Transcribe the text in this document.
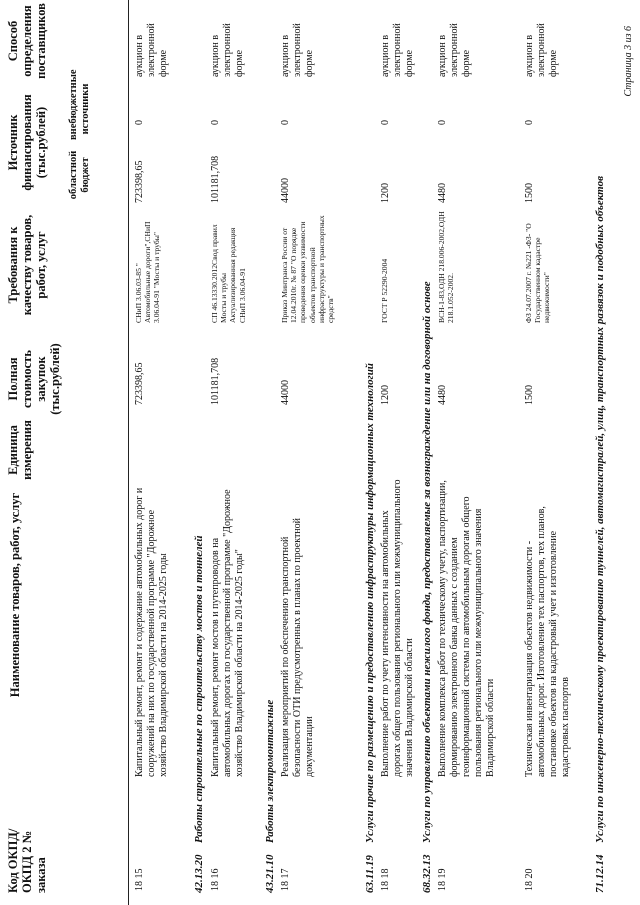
Код ОКПД/ ОКПД 2 № заказа
Наименование товаров, работ, услуг
Единица измерения
Полная стоимость закупок (тыс.рублей)
Требования к качеству товаров, работ, услуг
Источник финансирования (тыс.рублей) областной бюджет
внебюджетные источники
Способ определения поставщиков
18 15
Капитальный ремонт, ремонт и содержание автомобильных дорог и сооружений на них по государственной программе "Дорожное хозяйство Владимирской области на 2014-2025 годы
723398,65
СНиП 3.06.03-85 " Автомобильные дороги",СНиП 3.06.04-91 "Мосты и трубы"
723398,65
0
аукцион в электронной форме
42.13.20Работы строительные по строительству мостов и тоннелей
18 16
Капитальный ремонт, ремонт мостов и путепроводов на автомобильных дорогах по государственной программе "Дорожное хозяйство Владимирской области на 2014-2025 годы"
101181,708
СП 46.13330.2012Свод правил Мосты и трубы Актуализированная редакция СНиП 3.06.04-91
101181,708
0
аукцион в электронной форме
43.21.10Работы электромонтажные
18 17
Реализация мероприятий по обеспечению транспортной безопасности ОТИ предусмотренных в планах по проектной документации
44000
Приказ Минтранса России от 12.04.2010г. № 87 "О порядке проведения оценки уязвимости объектов транспортной инфраструктуры и транспортных средств"
44000
0
аукцион в электронной форме
63.11.19Услуги прочие по размещению и предоставлению инфраструктуры информационных технологий
18 18
Выполнение работ по учету интенсивности на автомобильных дорогах общего пользования регионального или межмуниципального значения Владимирской области
1200
ГОСТ Р 52290-2004
1200
0
аукцион в электронной форме
68.32.13Услуги по управлению объектами нежилого фонда, предоставляемые за вознаграждение или на договорной основе
18 19
Выполнение комплекса работ по техническому учету, паспортизации, формированию электронного банка данных с созданием геоинформационной системы по автомобильным дорогам общего пользования регионального или межмуниципального значения Владимирской области
4480
ВСН-1-83,ОДН 218.006-2002,ОДН 218.1.052-2002.
4480
0
аукцион в электронной форме
18 20
Техническая инвентаризация объектов недвижимости - автомобильных дорог. Изготовление тех паспортов, тех планов, постановке объектов на кадастровый учет и изготовление кадастровых паспортов
1500
ФЗ 24.07.2007 г. №221 -ФЗ- "О Государственном кадастре недвижимости"
1500
0
аукцион в электронной форме
71.12.14Услуги по инженерно-техническому проектированию туннелей, автомагистралей, улиц, транспортных развязок и подобных объектов
Страница 3 из 6
